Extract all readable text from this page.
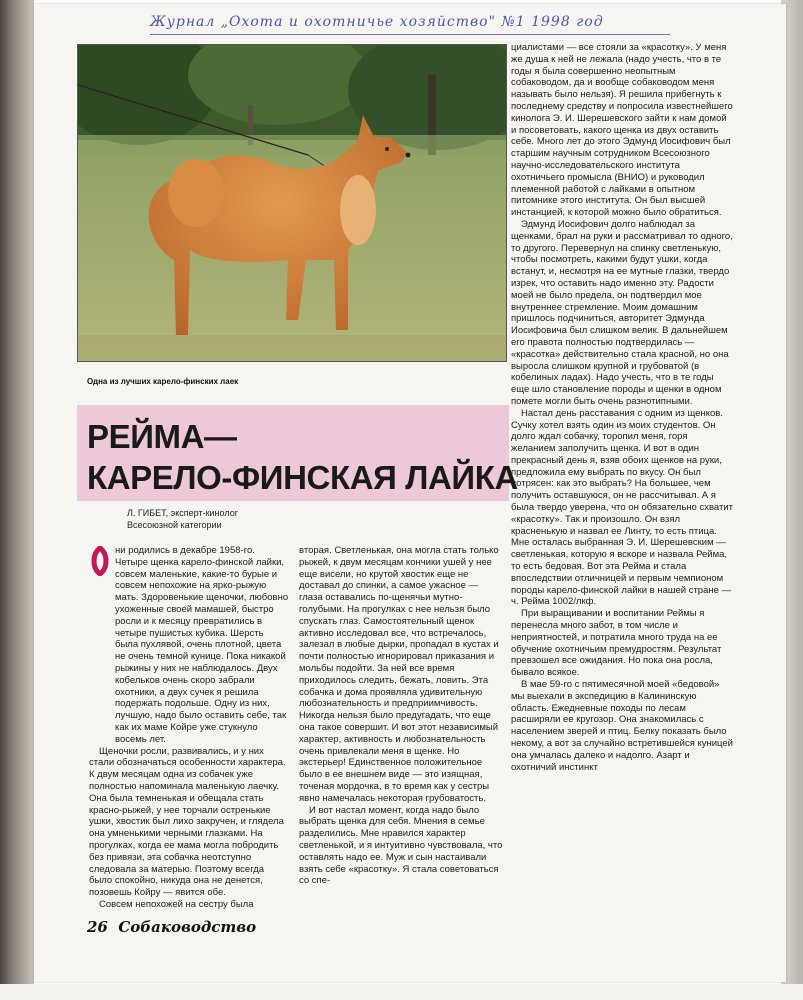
Журнал „Охота и охотничье хозяйство" №1 1998 год
Одна из лучших карело-финских лаек
РЕЙМА—
КАРЕЛО-ФИНСКАЯ ЛАЙКА
Л. ГИБЕТ, эксперт-кинолог
Всесоюзной категории

ни родились в декабре 1958-го. Четыре щенка карело-финской лайки, совсем маленькие, какие-то бурые и совсем непохожие на ярко-рыжую мать. Здоровенькие щеночки, любовно ухоженные своей мамашей, быстро росли и к месяцу превратились в четыре пушистых кубика. Шерсть была пухлявой, очень плотной, цвета не очень темной кунице. Пока никакой рыжины у них не наблюдалось. Двух кобельков очень скоро забрали охотники, а двух сучек я решила подержать подольше. Одну из них, лучшую, надо было оставить себе, так как их маме Койре уже стукнуло восемь лет.

Щеночки росли, развивались, и у них стали обозначаться особенности характера. К двум месяцам одна из собачек уже полностью напоминала маленькую лаечку. Она была темненькая и обещала стать красно-рыжей, у нее торчали остренькие ушки, хвостик был лихо закручен, и глядела она умненькими черными глазками. На прогулках, когда ее мама могла побродить без привязи, эта собачка неотступно следовала за матерью. Поэтому всегда было спокойно, никуда она не денется, позовешь Койру — явится обе.

Совсем непохожей на сестру была

вторая. Светленькая, она могла стать только рыжей, к двум месяцам кончики ушей у нее еще висели, но крутой хвостик еще не доставал до спинки, а самое ужасное — глаза оставались по-щенячьи мутно-голубыми. На прогулках с нее нельзя было спускать глаз. Самостоятельный щенок активно исследовал все, что встречалось, залезал в любые дырки, пропадал в кустах и почти полностью игнорировал приказания и мольбы подойти. За ней все время приходилось следить, бежать, ловить. Эта собачка и дома проявляла удивительную любознательность и предприимчивость. Никогда нельзя было предугадать, что еще она такое совершит. И вот этот независимый характер, активность и любознательность очень привлекали меня в щенке. Но экстерьер! Единственное положительное было в ее внешнем виде — это изящная, точеная мордочка, в то время как у сестры явно намечалась некоторая грубоватость.

И вот настал момент, когда надо было выбрать щенка для себя. Мнения в семье разделились. Мне нравился характер светленькой, и я интуитивно чувствовала, что оставлять надо ее. Муж и сын настаивали взять себе «красотку». Я стала советоваться со спе-

циалистами — все стояли за «красотку». У меня же душа к ней не лежала (надо учесть, что в те годы я была совершенно неопытным собаководом, да и вообще собаководом меня называть было нельзя). Я решила прибегнуть к последнему средству и попросила известнейшего кинолога Э. И. Шерешевского зайти к нам домой и посоветовать, какого щенка из двух оставить себе. Много лет до этого Эдмунд Иосифович был старшим научным сотрудником Всесоюзного научно-исследовательского института охотничьего промысла (ВНИО) и руководил племенной работой с лайками в опытном питомнике этого института. Он был высшей инстанцией, к которой можно было обратиться.

Эдмунд Иосифович долго наблюдал за щенками, брал на руки и рассматривал то одного, то другого. Перевернул на спинку светленькую, чтобы посмотреть, какими будут ушки, когда встанут, и, несмотря на ее мутные глазки, твердо изрек, что оставить надо именно эту. Радости моей не было предела, он подтвердил мое внутреннее стремление. Моим домашним пришлось подчиниться, авторитет Эдмунда Иосифовича был слишком велик. В дальнейшем его правота полностью подтвердилась — «красотка» действительно стала красной, но она выросла слишком крупной и грубоватой (в кобелиных ладах). Надо учесть, что в те годы еще шло становление породы и щенки в одном помете могли быть очень разнотипными.

Настал день расставания с одним из щенков. Сучку хотел взять один из моих студентов. Он долго ждал собачку, торопил меня, горя желанием заполучить щенка. И вот в один прекрасный день я, взяв обоих щенков на руки, предложила ему выбрать по вкусу. Он был потрясен: как это выбрать? На большее, чем получить оставшуюся, он не рассчитывал. А я была твердо уверена, что он обязательно схватит «красотку». Так и произошло. Он взял красненькую и назвал ее Линту, то есть птица. Мне осталась выбранная Э. И. Шерешевским — светленькая, которую я вскоре и назвала Рейма, то есть бедовая. Вот эта Рейма и стала впоследствии отличницей и первым чемпионом породы карело-финской лайки в нашей стране — ч. Рейма 1002/лкф.

При выращивании и воспитании Реймы я перенесла много забот, в том числе и неприятностей, и потратила много труда на ее обучение охотничьим премудростям. Результат превзошел все ожидания. Но пока она росла, бывало всякое.

В мае 59-го с пятимесячной моей «бедовой» мы выехали в экспедицию в Калининскую область. Ежедневные походы по лесам расширяли ее кругозор. Она знакомилась с населением зверей и птиц. Белку показать было некому, а вот за случайно встретившейся куницей она умчалась далеко и надолго. Азарт и охотничий инстинкт

26 Собаководство
